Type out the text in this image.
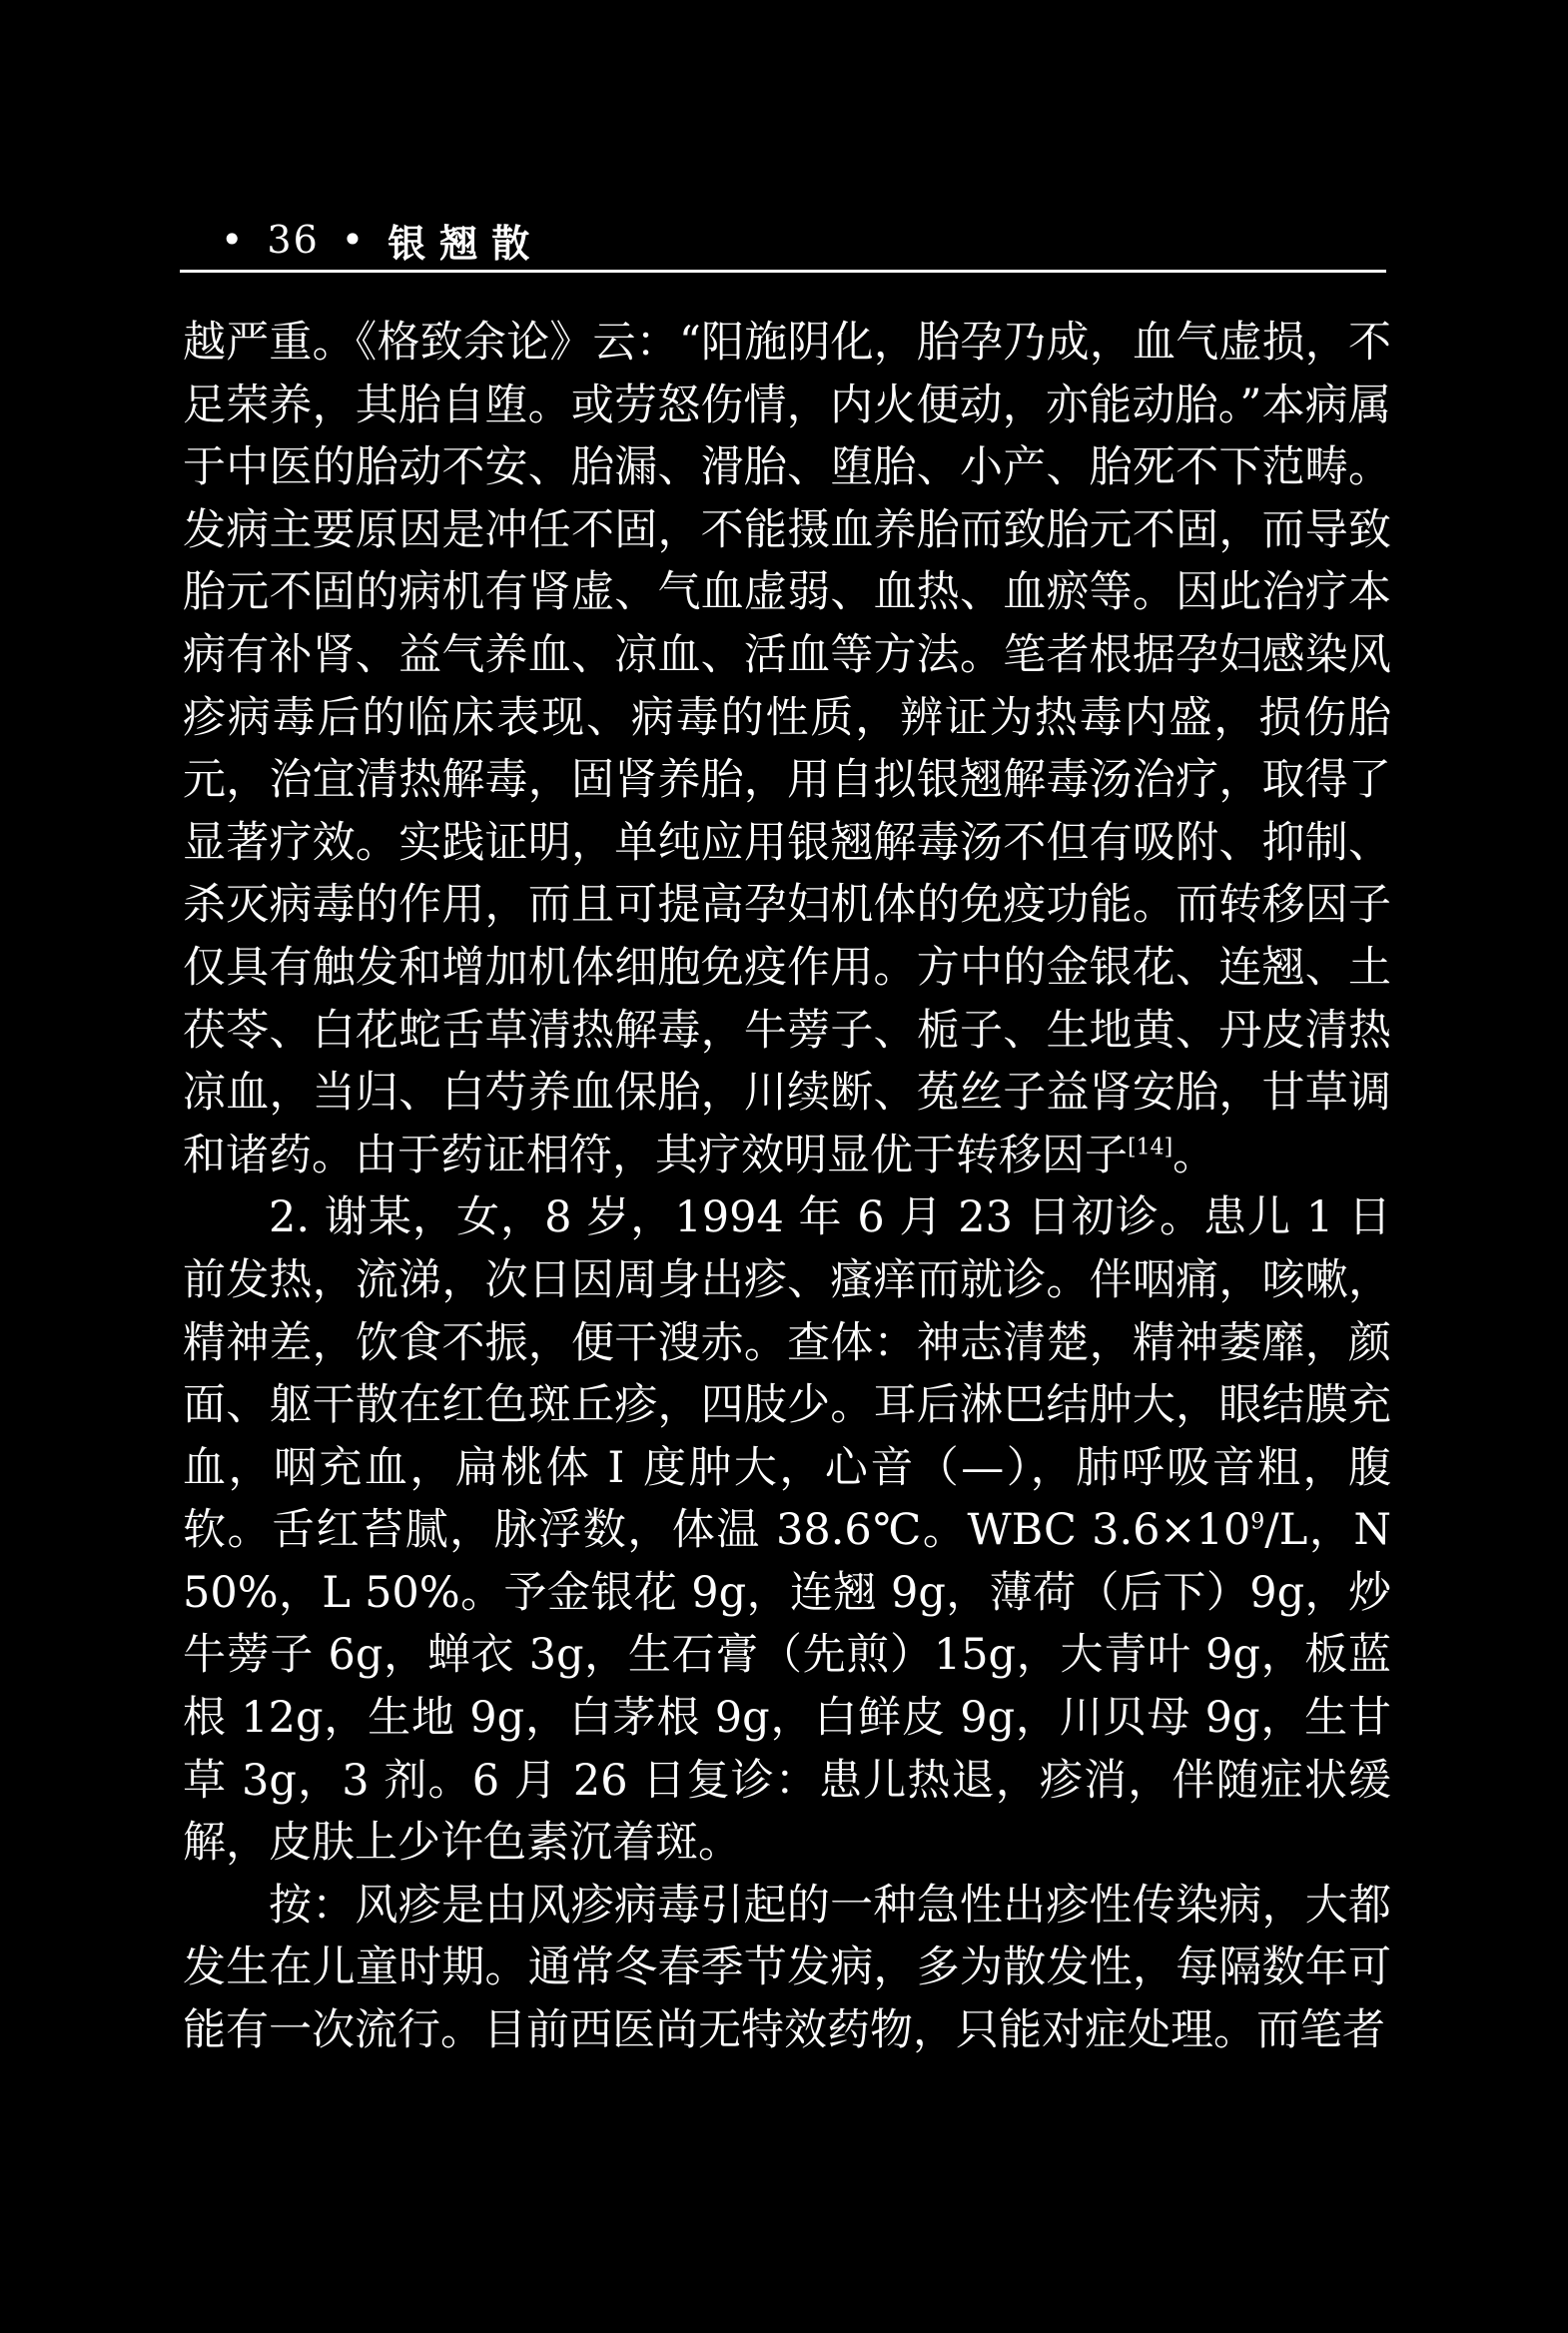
• 36 • 银翘散

越严重。《格致余论》云：“阳施阴化，胎孕乃成，血气虚损，不足荣养，其胎自堕。或劳怒伤情，内火便动，亦能动胎。”本病属于中医的胎动不安、胎漏、滑胎、堕胎、小产、胎死不下范畴。发病主要原因是冲任不固，不能摄血养胎而致胎元不固，而导致胎元不固的病机有肾虚、气血虚弱、血热、血瘀等。因此治疗本病有补肾、益气养血、凉血、活血等方法。笔者根据孕妇感染风疹病毒后的临床表现、病毒的性质，辨证为热毒内盛，损伤胎元，治宜清热解毒，固肾养胎，用自拟银翘解毒汤治疗，取得了显著疗效。实践证明，单纯应用银翘解毒汤不但有吸附、抑制、杀灭病毒的作用，而且可提高孕妇机体的免疫功能。而转移因子仅具有触发和增加机体细胞免疫作用。方中的金银花、连翘、土茯苓、白花蛇舌草清热解毒，牛蒡子、栀子、生地黄、丹皮清热凉血，当归、白芍养血保胎，川续断、菟丝子益肾安胎，甘草调和诸药。由于药证相符，其疗效明显优于转移因子[14]。

2. 谢某，女，8 岁，1994 年 6 月 23 日初诊。患儿 1 日前发热，流涕，次日因周身出疹、瘙痒而就诊。伴咽痛，咳嗽，精神差，饮食不振，便干溲赤。查体：神志清楚，精神萎靡，颜面、躯干散在红色斑丘疹，四肢少。耳后淋巴结肿大，眼结膜充血，咽充血，扁桃体 Ⅰ 度肿大，心音（—），肺呼吸音粗，腹软。舌红苔腻，脉浮数，体温 38.6℃。WBC $3.6\times 10^9/L$，N 50%，L 50%。予金银花 9g，连翘 9g，薄荷（后下）9g，炒牛蒡子 6g，蝉衣 3g，生石膏（先煎）15g，大青叶 9g，板蓝根 12g，生地 9g，白茅根 9g，白鲜皮 9g，川贝母 9g，生甘草 3g，3 剂。6 月 26 日复诊：患儿热退，疹消，伴随症状缓解，皮肤上少许色素沉着斑。

按：风疹是由风疹病毒引起的一种急性出疹性传染病，大都发生在儿童时期。通常冬春季节发病，多为散发性，每隔数年可能有一次流行。目前西医尚无特效药物，只能对症处理。而笔者
